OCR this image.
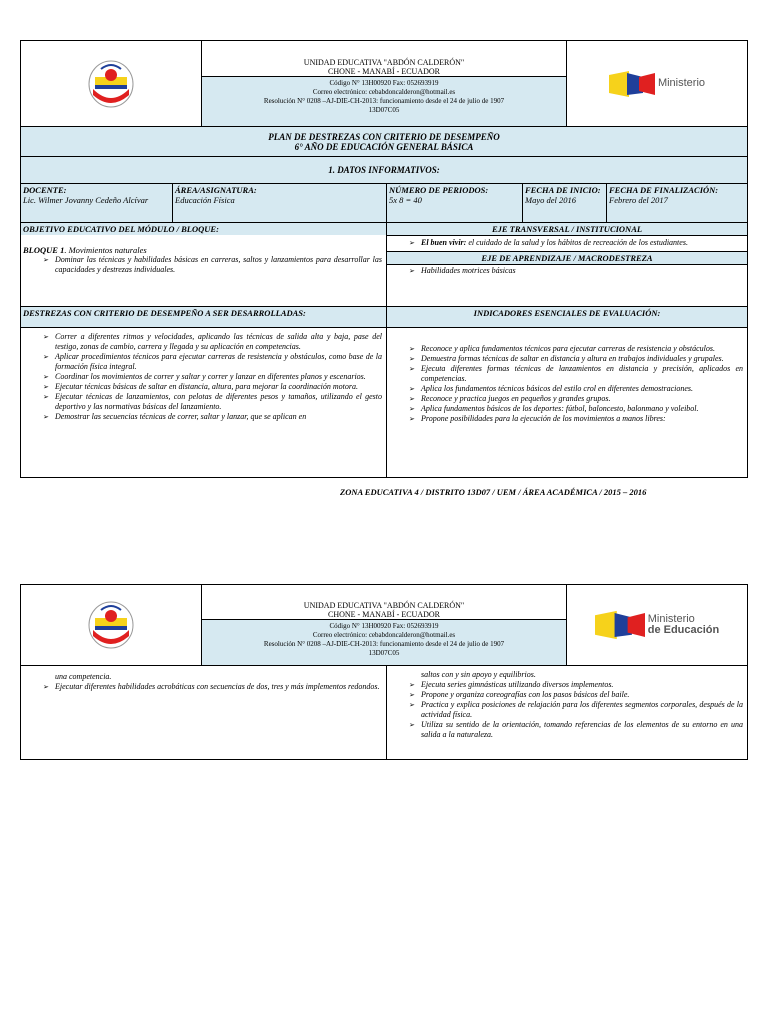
UNIDAD EDUCATIVA "ABDÓN CALDERÓN"
CHONE - MANABÍ - ECUADOR
Código N° 13H00920 Fax: 052693919
Correo electrónico: cebabdoncalderon@hotmail.es
Resolución N° 0208 –AJ-DIE-CH-2013: funcionamiento desde el 24 de julio de 1907
13D07C05
Ministerio
PLAN DE DESTREZAS CON CRITERIO DE DESEMPEÑO
6° AÑO DE EDUCACIÓN GENERAL BÁSICA
1. DATOS INFORMATIVOS:
DOCENTE:
Lic. Wilmer Jovanny Cedeño Alcívar
ÁREA/ASIGNATURA:
Educación Física
NÚMERO DE PERIODOS:
5x 8 = 40
FECHA DE INICIO:
Mayo del 2016
FECHA DE FINALIZACIÓN:
Febrero del 2017
OBJETIVO EDUCATIVO DEL MÓDULO / BLOQUE:
BLOQUE 1. Movimientos naturales
➢ Dominar las técnicas y habilidades básicas en carreras, saltos y lanzamientos para desarrollar las capacidades y destrezas individuales.
EJE TRANSVERSAL / INSTITUCIONAL
➢ El buen vivir: el cuidado de la salud y los hábitos de recreación de los estudiantes.
EJE DE APRENDIZAJE / MACRODESTREZA
➢ Habilidades motrices básicas
DESTREZAS CON CRITERIO DE DESEMPEÑO A SER DESARROLLADAS:	INDICADORES ESENCIALES DE EVALUACIÓN:
➢ Correr a diferentes ritmos y velocidades, aplicando las técnicas de salida alta y baja, pase del testigo, zonas de cambio, carrera y llegada y su aplicación en competencias.
➢ Aplicar procedimientos técnicos para ejecutar carreras de resistencia y obstáculos, como base de la formación física integral.
➢ Coordinar los movimientos de correr y saltar y correr y lanzar en diferentes planos y escenarios.
➢ Ejecutar técnicas básicas de saltar en distancia, altura, para mejorar la coordinación motora.
➢ Ejecutar técnicas de lanzamientos, con pelotas de diferentes pesos y tamaños, utilizando el gesto deportivo y las normativas básicas del lanzamiento.
➢ Demostrar las secuencias técnicas de correr, saltar y lanzar, que se aplican en
➢ Reconoce y aplica fundamentos técnicos para ejecutar carreras de resistencia y obstáculos.
➢ Demuestra formas técnicas de saltar en distancia y altura en trabajos individuales y grupales.
➢ Ejecuta diferentes formas técnicas de lanzamientos en distancia y precisión, aplicados en competencias.
➢ Aplica los fundamentos técnicos básicos del estilo crol en diferentes demostraciones.
➢ Reconoce y practica juegos en pequeños y grandes grupos.
➢ Aplica fundamentos básicos de los deportes: fútbol, baloncesto, balonmano y voleibol.
➢ Propone posibilidades para la ejecución de los movimientos a manos libres:
ZONA EDUCATIVA 4 / DISTRITO 13D07 / UEM / ÁREA ACADÉMICA / 2015 – 2016
UNIDAD EDUCATIVA "ABDÓN CALDERÓN"
CHONE - MANABÍ - ECUADOR
Código N° 13H00920 Fax: 052693919
Correo electrónico: cebabdoncalderon@hotmail.es
Resolución N° 0208 –AJ-DIE-CH-2013: funcionamiento desde el 24 de julio de 1907
13D07C05
Ministerio
de Educación
una competencia.
➢ Ejecutar diferentes habilidades acrobáticas con secuencias de dos, tres y más implementos redondos.
saltos con y sin apoyo y equilibrios.
➢ Ejecuta series gimnásticas utilizando diversos implementos.
➢ Propone y organiza coreografías con los pasos básicos del baile.
➢ Practica y explica posiciones de relajación para los diferentes segmentos corporales, después de la actividad física.
➢ Utiliza su sentido de la orientación, tomando referencias de los elementos de su entorno en una salida a la naturaleza.
